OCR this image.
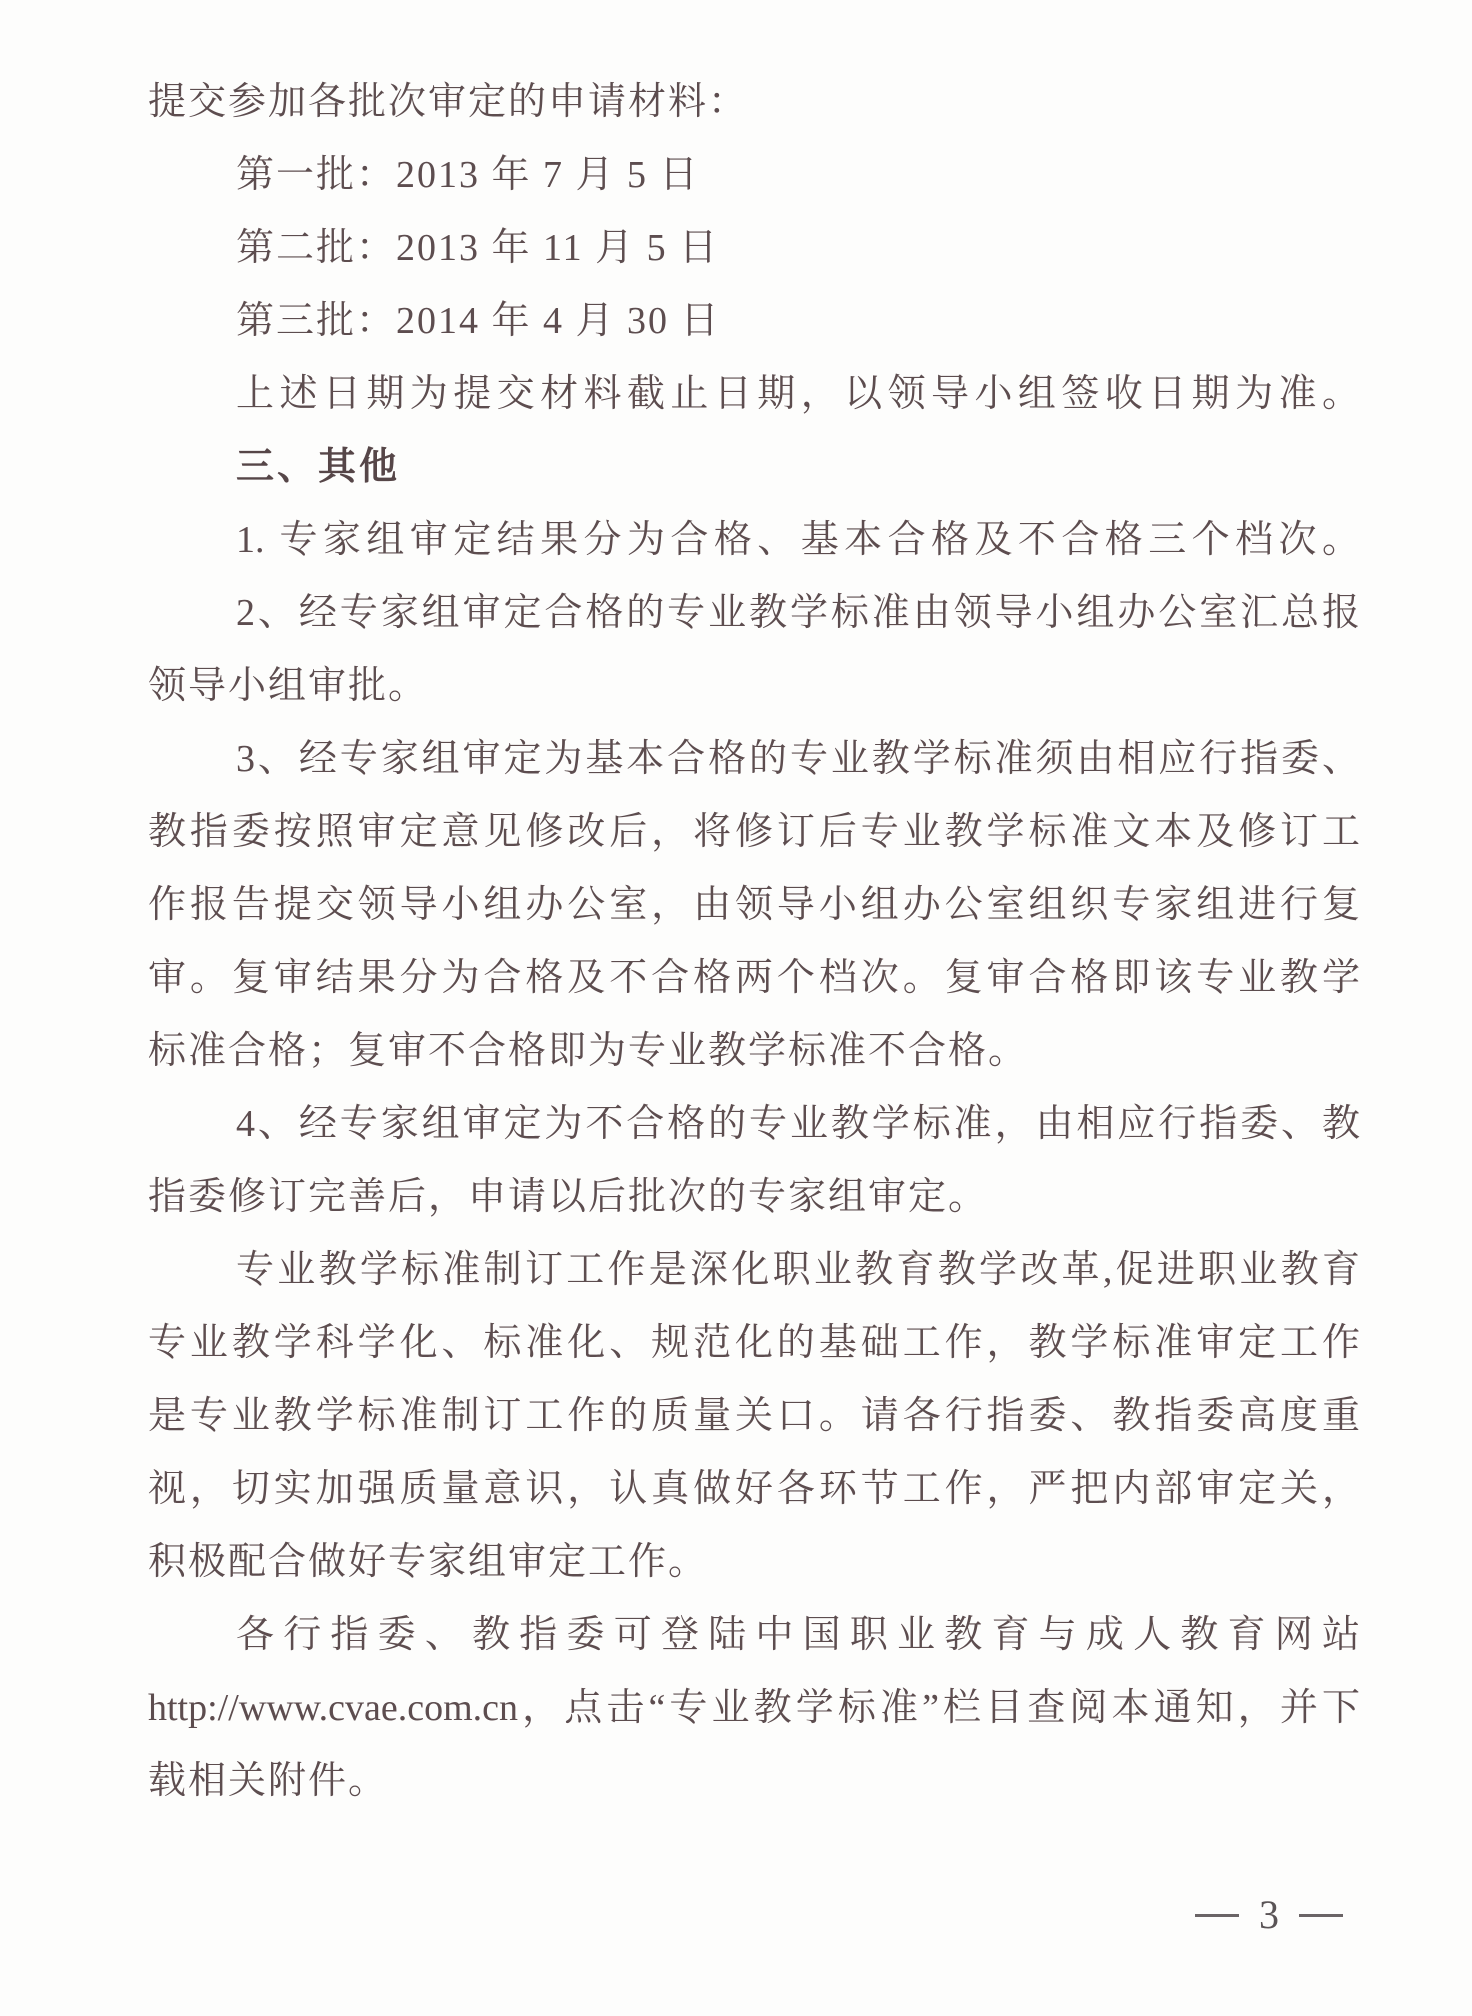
提交参加各批次审定的申请材料：
第一批：2013 年 7 月 5 日
第二批：2013 年 11 月 5 日
第三批：2014 年 4 月 30 日
上述日期为提交材料截止日期，以领导小组签收日期为准。
三、其他
1. 专家组审定结果分为合格、基本合格及不合格三个档次。
2、经专家组审定合格的专业教学标准由领导小组办公室汇总报
领导小组审批。
3、经专家组审定为基本合格的专业教学标准须由相应行指委、
教指委按照审定意见修改后，将修订后专业教学标准文本及修订工
作报告提交领导小组办公室，由领导小组办公室组织专家组进行复
审。复审结果分为合格及不合格两个档次。复审合格即该专业教学
标准合格；复审不合格即为专业教学标准不合格。
4、经专家组审定为不合格的专业教学标准，由相应行指委、教
指委修订完善后，申请以后批次的专家组审定。
专业教学标准制订工作是深化职业教育教学改革,促进职业教育
专业教学科学化、标准化、规范化的基础工作，教学标准审定工作
是专业教学标准制订工作的质量关口。请各行指委、教指委高度重
视，切实加强质量意识，认真做好各环节工作，严把内部审定关，
积极配合做好专家组审定工作。
各行指委、教指委可登陆中国职业教育与成人教育网站
http://www.cvae.com.cn，点击“专业教学标准”栏目查阅本通知，并下
载相关附件。
3
